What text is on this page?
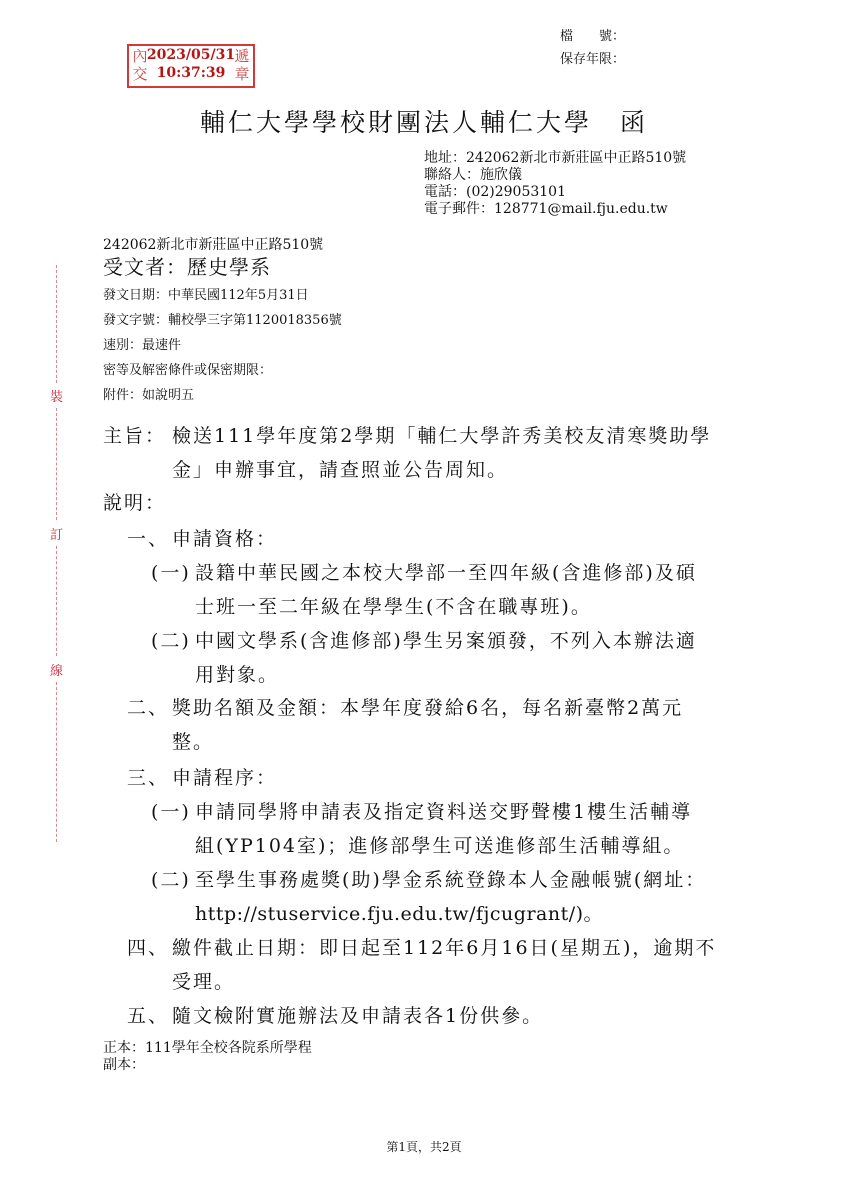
檔　　號：
保存年限：
內
交
遞
章
2023/05/31
10:37:39
輔仁大學學校財團法人輔仁大學　函
地址：242062新北市新莊區中正路510號
聯絡人：施欣儀
電話：(02)29053101
電子郵件：128771@mail.fju.edu.tw
242062新北市新莊區中正路510號
受文者：歷史學系
發文日期：中華民國112年5月31日
發文字號：輔校學三字第1120018356號
速別：最速件
密等及解密條件或保密期限：
附件：如說明五
裝
訂
線
主旨： 檢送111學年度第2學期「輔仁大學許秀美校友清寒獎助學
金」申辦事宜，請查照並公告周知。
說明：
一、 申請資格：
(一) 設籍中華民國之本校大學部一至四年級(含進修部)及碩
士班一至二年級在學學生(不含在職專班)。
(二) 中國文學系(含進修部)學生另案頒發，不列入本辦法適
用對象。
二、 獎助名額及金額：本學年度發給6名，每名新臺幣2萬元
整。
三、 申請程序：
(一) 申請同學將申請表及指定資料送交野聲樓1樓生活輔導
組(YP104室)；進修部學生可送進修部生活輔導組。
(二) 至學生事務處獎(助)學金系統登錄本人金融帳號(網址：
http://stuservice.fju.edu.tw/fjcugrant/)。
四、 繳件截止日期：即日起至112年6月16日(星期五)，逾期不
受理。
五、 隨文檢附實施辦法及申請表各1份供參。
正本：111學年全校各院系所學程
副本：
第1頁，共2頁
